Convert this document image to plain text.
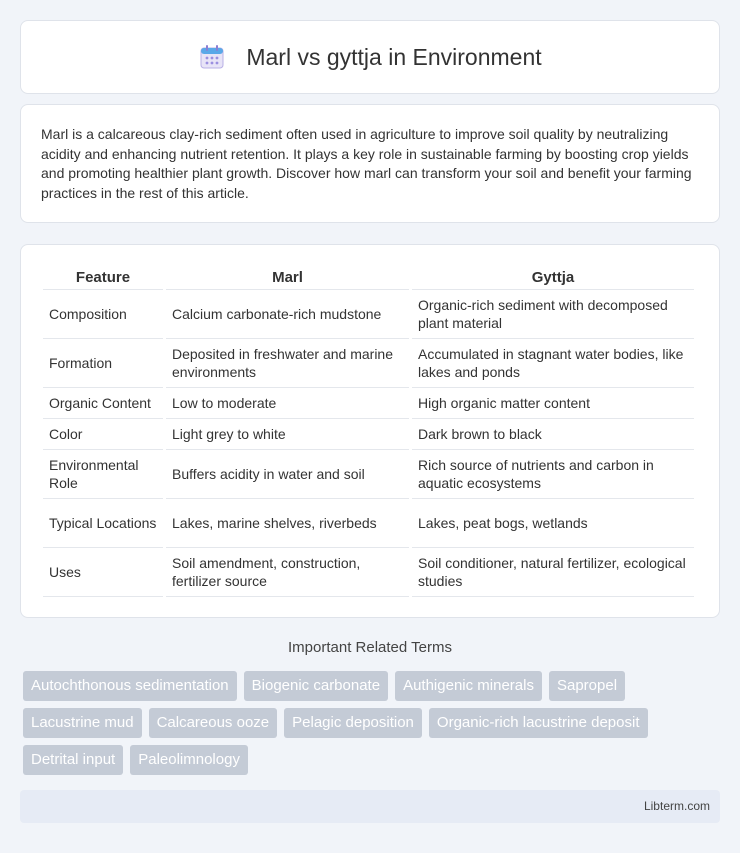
Marl vs gyttja in Environment

Marl is a calcareous clay-rich sediment often used in agriculture to improve soil quality by neutralizing acidity and enhancing nutrient retention. It plays a key role in sustainable farming by boosting crop yields and promoting healthier plant growth. Discover how marl can transform your soil and benefit your farming practices in the rest of this article.

Feature	Marl	Gyttja
Composition	Calcium carbonate-rich mudstone	Organic-rich sediment with decomposed plant material
Formation	Deposited in freshwater and marine environments	Accumulated in stagnant water bodies, like lakes and ponds
Organic Content	Low to moderate	High organic matter content
Color	Light grey to white	Dark brown to black
Environmental Role	Buffers acidity in water and soil	Rich source of nutrients and carbon in aquatic ecosystems
Typical Locations	Lakes, marine shelves, riverbeds	Lakes, peat bogs, wetlands
Uses	Soil amendment, construction, fertilizer source	Soil conditioner, natural fertilizer, ecological studies
Important Related Terms
Autochthonous sedimentation	Biogenic carbonate	Authigenic minerals	Sapropel
Lacustrine mud	Calcareous ooze	Pelagic deposition	Organic-rich lacustrine deposit
Detrital input	Paleolimnology
Libterm.com
